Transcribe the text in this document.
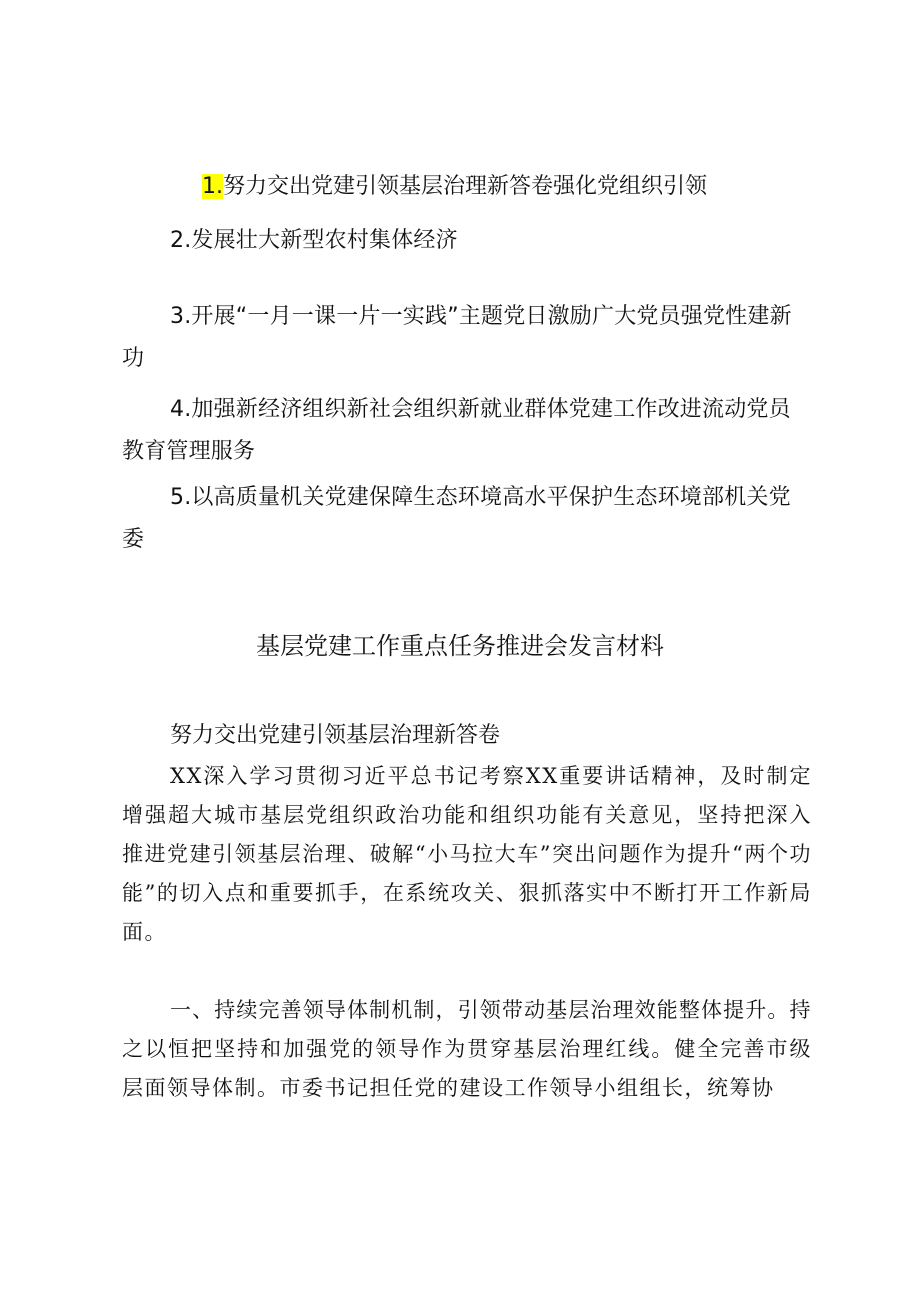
1.努力交出党建引领基层治理新答卷强化党组织引领
2.发展壮大新型农村集体经济
3.开展“一月一课一片一实践”主题党日激励广大党员强党性建新功
4.加强新经济组织新社会组织新就业群体党建工作改进流动党员教育管理服务
5.以高质量机关党建保障生态环境高水平保护生态环境部机关党委
基层党建工作重点任务推进会发言材料
努力交出党建引领基层治理新答卷
XX深入学习贯彻习近平总书记考察XX重要讲话精神，及时制定增强超大城市基层党组织政治功能和组织功能有关意见，坚持把深入推进党建引领基层治理、破解“小马拉大车”突出问题作为提升“两个功能”的切入点和重要抓手，在系统攻关、狠抓落实中不断打开工作新局面。
一、持续完善领导体制机制，引领带动基层治理效能整体提升。持之以恒把坚持和加强党的领导作为贯穿基层治理红线。健全完善市级层面领导体制。市委书记担任党的建设工作领导小组组长，统筹协
